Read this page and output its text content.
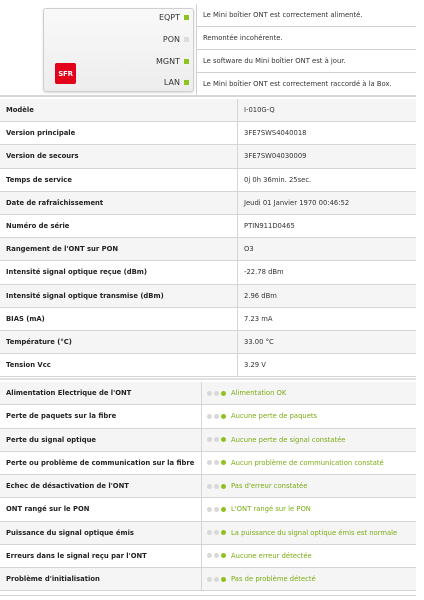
SFR
EQPT	Le Mini boîtier ONT est correctement alimenté.
PON	Remontée incohérente.
MGNT	Le software du Mini boîtier ONT est à jour.
LAN	Le Mini boîtier ONT est correctement raccordé à la Box.
Modèle	I-010G-Q
Version principale	3FE7SWS4040018
Version de secours	3FE7SW04030009
Temps de service	0j 0h 36min. 25sec.
Date de rafraîchissement	Jeudi 01 Janvier 1970 00:46:52
Numéro de série	PTIN911D0465
Rangement de l'ONT sur PON	O3
Intensité signal optique reçue (dBm)	-22.78 dBm
Intensité signal optique transmise (dBm)	2.96 dBm
BIAS (mA)	7.23 mA
Température (°C)	33.00 °C
Tension Vcc	3.29 V
Alimentation Electrique de l'ONT	Alimentation OK
Perte de paquets sur la fibre	Aucune perte de paquets
Perte du signal optique	Aucune perte de signal constatée
Perte ou problème de communication sur la fibre	Aucun problème de communication constaté
Echec de désactivation de l'ONT	Pas d'erreur constatée
ONT rangé sur le PON	L'ONT rangé sur le PON
Puissance du signal optique émis	La puissance du signal optique émis est normale
Erreurs dans le signal reçu par l'ONT	Aucune erreur détectée
Problème d'initialisation	Pas de problème détecté
